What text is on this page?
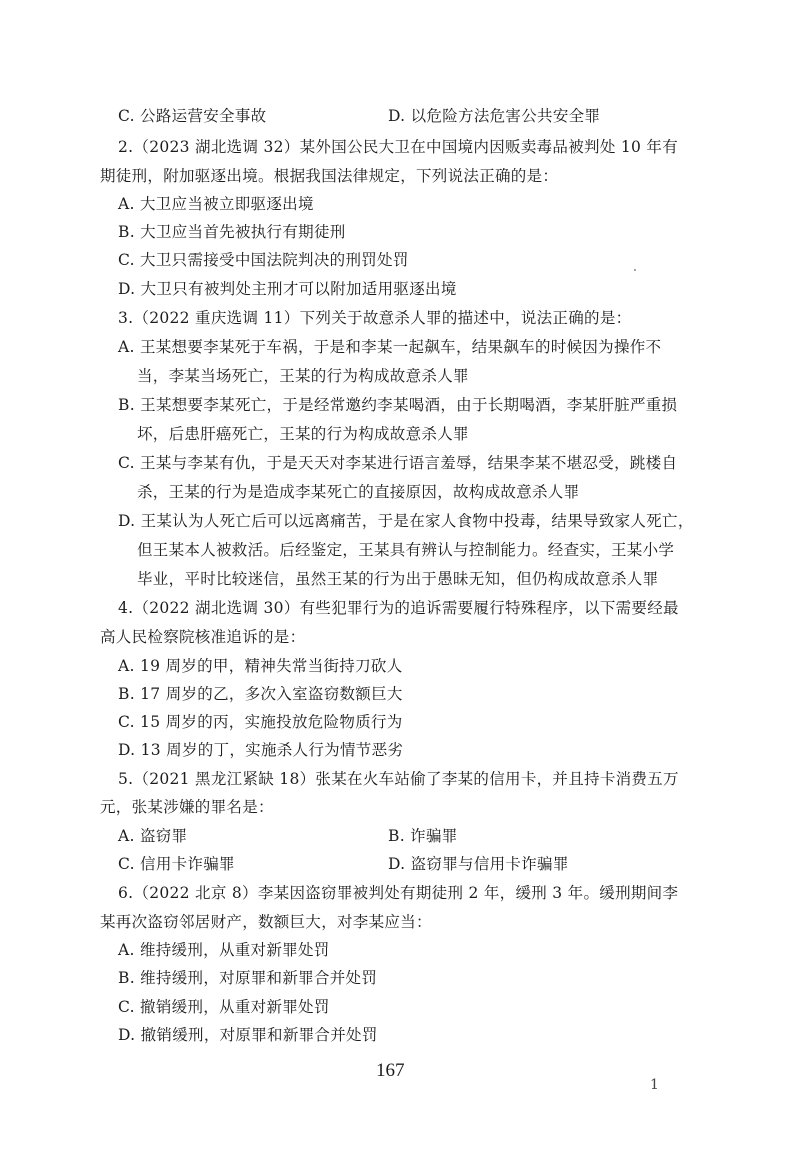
C. 公路运营安全事故	D. 以危险方法危害公共安全罪
2.（2023 湖北选调 32）某外国公民大卫在中国境内因贩卖毒品被判处 10 年有
期徒刑，附加驱逐出境。根据我国法律规定，下列说法正确的是：
A. 大卫应当被立即驱逐出境
B. 大卫应当首先被执行有期徒刑
C. 大卫只需接受中国法院判决的刑罚处罚
D. 大卫只有被判处主刑才可以附加适用驱逐出境
3.（2022 重庆选调 11）下列关于故意杀人罪的描述中，说法正确的是：
A. 王某想要李某死于车祸，于是和李某一起飙车，结果飙车的时候因为操作不
当，李某当场死亡，王某的行为构成故意杀人罪
B. 王某想要李某死亡，于是经常邀约李某喝酒，由于长期喝酒，李某肝脏严重损
坏，后患肝癌死亡，王某的行为构成故意杀人罪
C. 王某与李某有仇，于是天天对李某进行语言羞辱，结果李某不堪忍受，跳楼自
杀，王某的行为是造成李某死亡的直接原因，故构成故意杀人罪
D. 王某认为人死亡后可以远离痛苦，于是在家人食物中投毒，结果导致家人死亡，
但王某本人被救活。后经鉴定，王某具有辨认与控制能力。经查实，王某小学
毕业，平时比较迷信，虽然王某的行为出于愚昧无知，但仍构成故意杀人罪
4.（2022 湖北选调 30）有些犯罪行为的追诉需要履行特殊程序，以下需要经最
高人民检察院核准追诉的是：
A. 19 周岁的甲，精神失常当街持刀砍人
B. 17 周岁的乙，多次入室盗窃数额巨大
C. 15 周岁的丙，实施投放危险物质行为
D. 13 周岁的丁，实施杀人行为情节恶劣
5.（2021 黑龙江紧缺 18）张某在火车站偷了李某的信用卡，并且持卡消费五万
元，张某涉嫌的罪名是：
A. 盗窃罪	B. 诈骗罪
C. 信用卡诈骗罪	D. 盗窃罪与信用卡诈骗罪
6.（2022 北京 8）李某因盗窃罪被判处有期徒刑 2 年，缓刑 3 年。缓刑期间李
某再次盗窃邻居财产，数额巨大，对李某应当：
A. 维持缓刑，从重对新罪处罚
B. 维持缓刑，对原罪和新罪合并处罚
C. 撤销缓刑，从重对新罪处罚
D. 撤销缓刑，对原罪和新罪合并处罚
167
1
